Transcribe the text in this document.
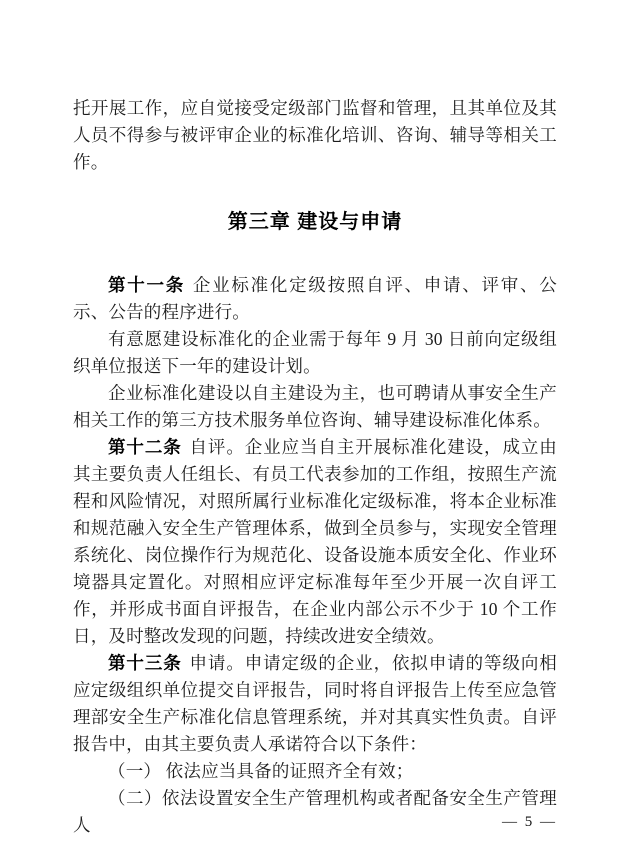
托开展工作，应自觉接受定级部门监督和管理，且其单位及其人员不得参与被评审企业的标准化培训、咨询、辅导等相关工作。

第三章 建设与申请

第十一条 企业标准化定级按照自评、申请、评审、公示、公告的程序进行。

有意愿建设标准化的企业需于每年 9 月 30 日前向定级组织单位报送下一年的建设计划。

企业标准化建设以自主建设为主，也可聘请从事安全生产相关工作的第三方技术服务单位咨询、辅导建设标准化体系。

第十二条 自评。企业应当自主开展标准化建设，成立由其主要负责人任组长、有员工代表参加的工作组，按照生产流程和风险情况，对照所属行业标准化定级标准，将本企业标准和规范融入安全生产管理体系，做到全员参与，实现安全管理系统化、岗位操作行为规范化、设备设施本质安全化、作业环境器具定置化。对照相应评定标准每年至少开展一次自评工作，并形成书面自评报告，在企业内部公示不少于 10 个工作日，及时整改发现的问题，持续改进安全绩效。

第十三条 申请。申请定级的企业，依拟申请的等级向相应定级组织单位提交自评报告，同时将自评报告上传至应急管理部安全生产标准化信息管理系统，并对其真实性负责。自评报告中，由其主要负责人承诺符合以下条件：

（一） 依法应当具备的证照齐全有效；

（二）依法设置安全生产管理机构或者配备安全生产管理人	— 5 —
